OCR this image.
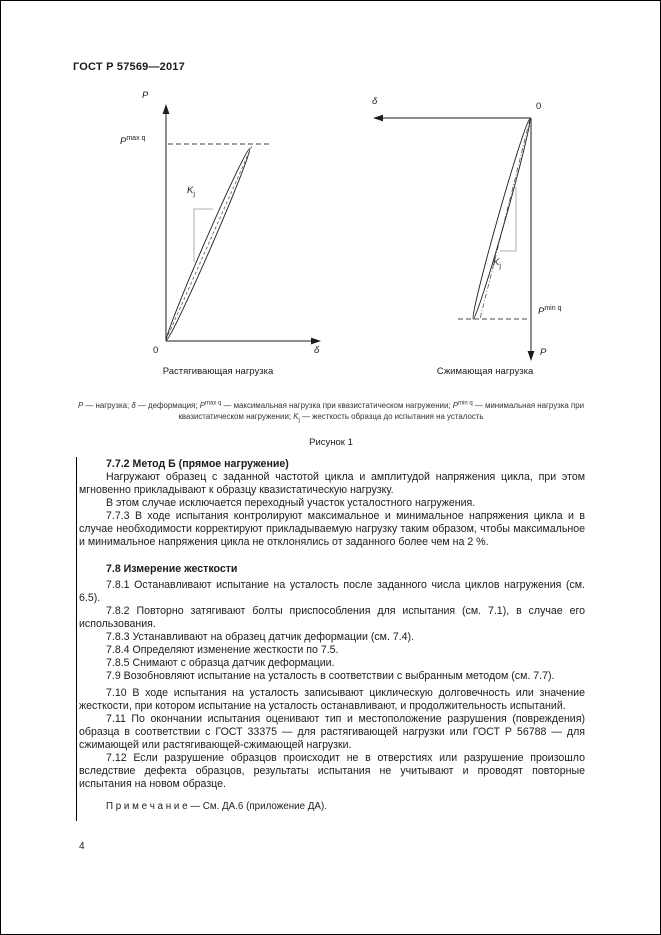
ГОСТ Р 57569—2017
P
δ
0
$P^{max q}$
$K_j$
Растягивающая нагрузка
δ	0
P
$P^{min q}$
$K_j$
Сжимающая нагрузка
P — нагрузка; δ — деформация; $P^{max q}$ — максимальная нагрузка при квазистатическом нагружении; $P^{min q}$ — минимальная нагрузка при квазистатическом нагружении; $K_j$ — жесткость образца до испытания на усталость
Рисунок 1

7.7.2 Метод Б (прямое нагружение)

Нагружают образец с заданной частотой цикла и амплитудой напряжения цикла, при этом мгновенно прикладывают к образцу квазистатическую нагрузку.

В этом случае исключается переходный участок усталостного нагружения.

7.7.3 В ходе испытания контролируют максимальное и минимальное напряжения цикла и в случае необходимости корректируют прикладываемую нагрузку таким образом, чтобы максимальное и минимальное напряжения цикла не отклонялись от заданного более чем на 2 %.

7.8 Измерение жесткости

7.8.1 Останавливают испытание на усталость после заданного числа циклов нагружения (см. 6.5).

7.8.2 Повторно затягивают болты приспособления для испытания (см. 7.1), в случае его использования.

7.8.3 Устанавливают на образец датчик деформации (см. 7.4).

7.8.4 Определяют изменение жесткости по 7.5.

7.8.5 Снимают с образца датчик деформации.

7.9 Возобновляют испытание на усталость в соответствии с выбранным методом (см. 7.7).

7.10 В ходе испытания на усталость записывают циклическую долговечность или значение жесткости, при котором испытание на усталость останавливают, и продолжительность испытаний.

7.11 По окончании испытания оценивают тип и местоположение разрушения (повреждения) образца в соответствии с ГОСТ 33375 — для растягивающей нагрузки или ГОСТ Р 56788 — для сжимающей или растягивающей-сжимающей нагрузки.

7.12 Если разрушение образцов происходит не в отверстиях или разрушение произошло вследствие дефекта образцов, результаты испытания не учитывают и проводят повторные испытания на новом образце.

П р и м е ч а н и е — См. ДА.6 (приложение ДА).

4
